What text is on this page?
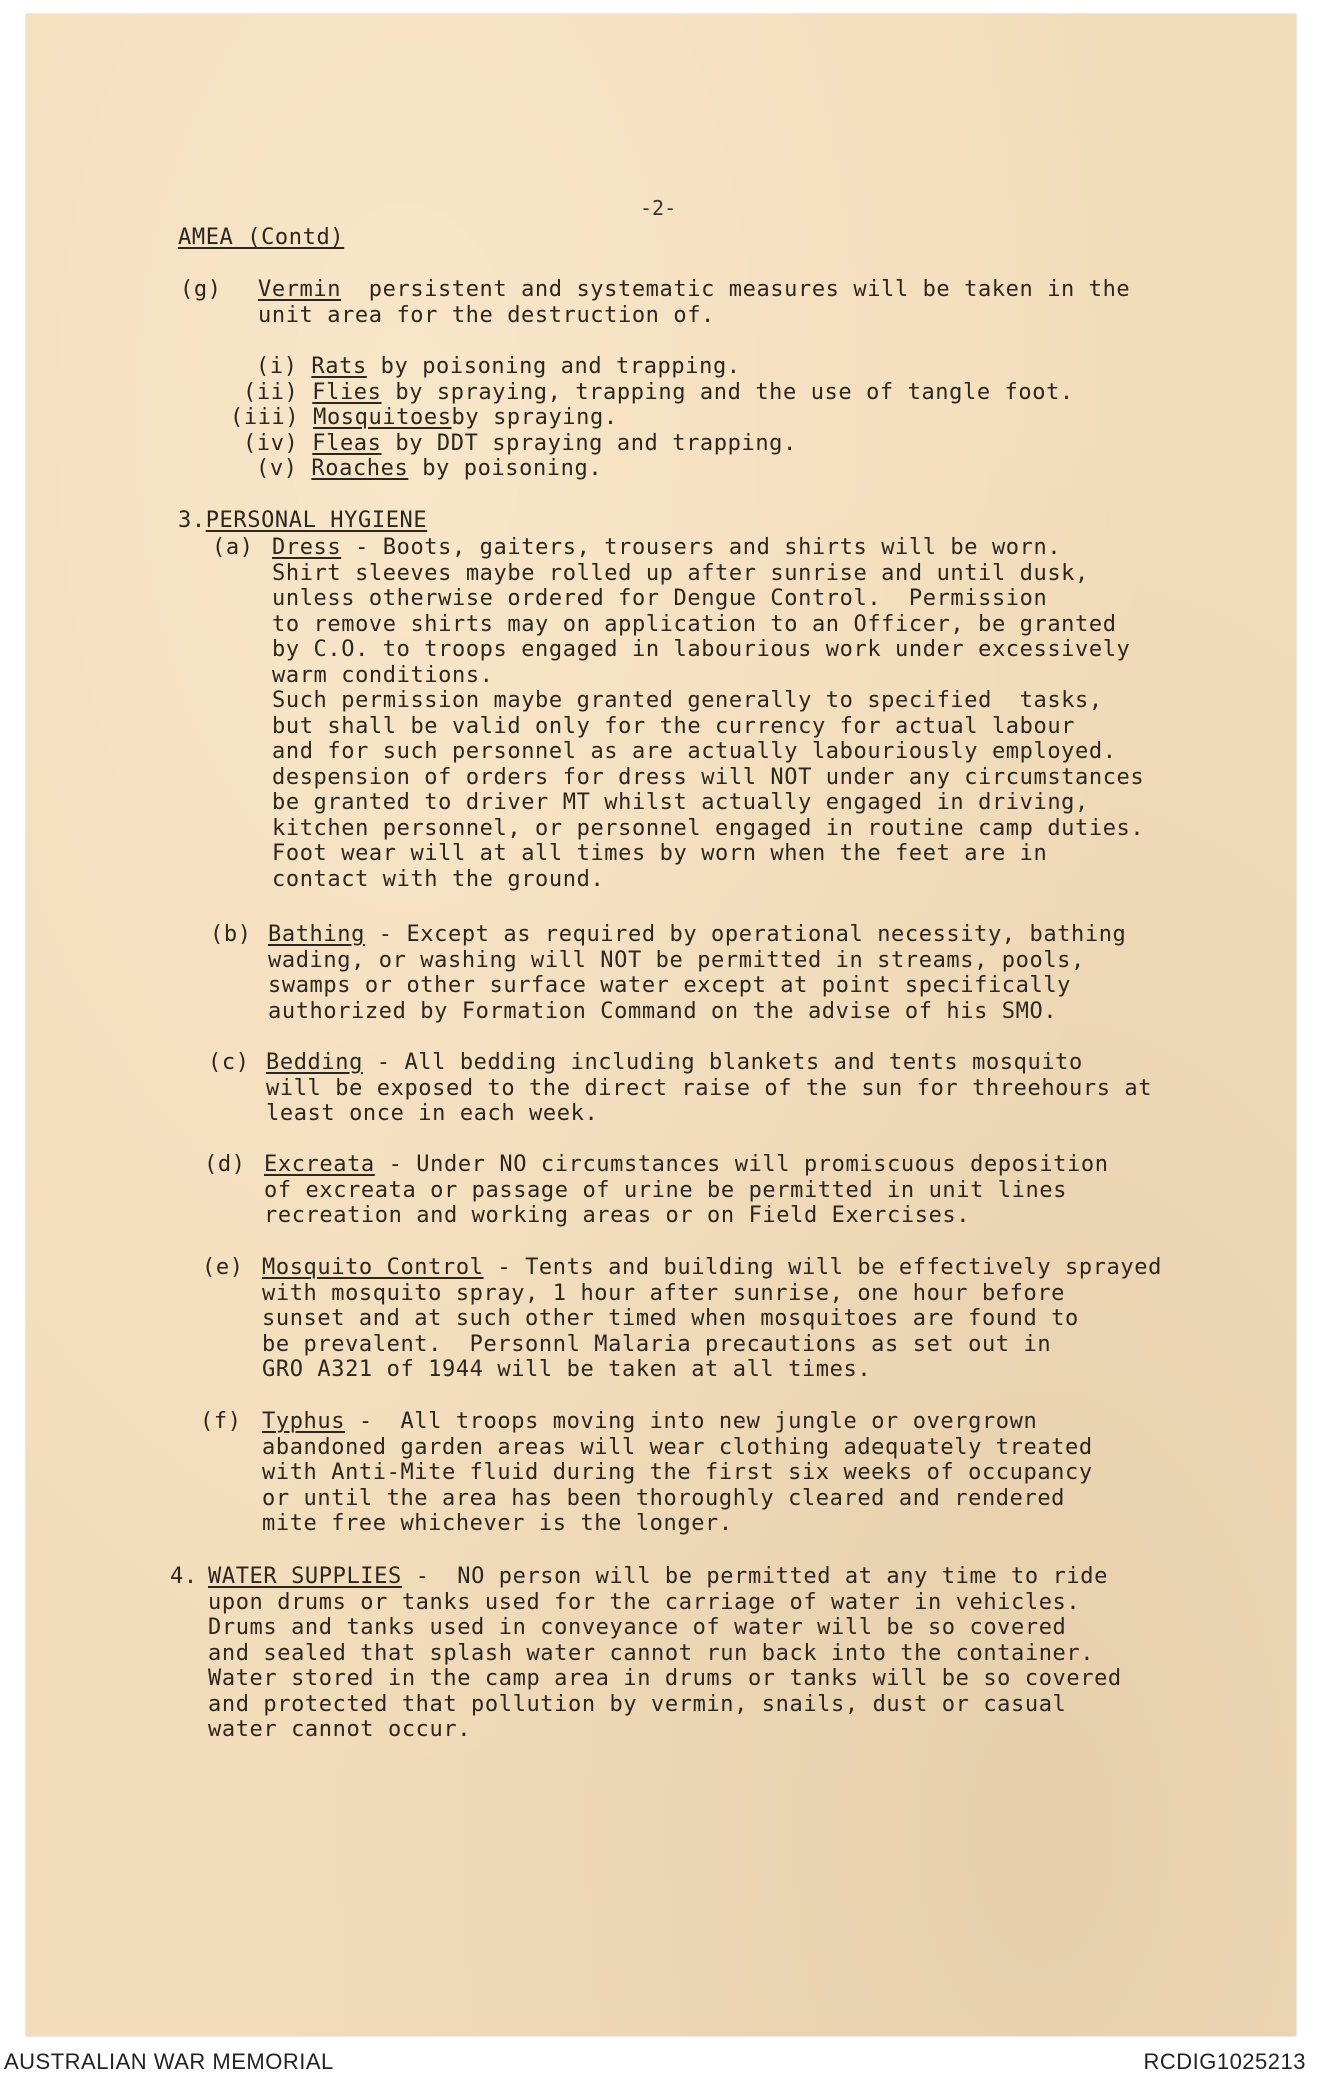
-2-
AMEA (Contd)
(g) Vermin persistent and systematic measures will be taken in the
unit area for the destruction of.
(i) Rats by poisoning and trapping.
(ii) Flies by spraying, trapping and the use of tangle foot.
(iii) Mosquitoesby spraying.
(iv) Fleas by DDT spraying and trapping.
(v) Roaches by poisoning.
3.PERSONAL HYGIENE
(a) Dress - Boots, gaiters, trousers and shirts will be worn.
Shirt sleeves maybe rolled up after sunrise and until dusk,
unless otherwise ordered for Dengue Control.  Permission
to remove shirts may on application to an Officer, be granted
by C.O. to troops engaged in labourious work under excessively
warm conditions.
Such permission maybe granted generally to specified  tasks,
but shall be valid only for the currency for actual labour
and for such personnel as are actually labouriously employed.
despension of orders for dress will NOT under any circumstances
be granted to driver MT whilst actually engaged in driving,
kitchen personnel, or personnel engaged in routine camp duties.
Foot wear will at all times by worn when the feet are in
contact with the ground.
(b) Bathing - Except as required by operational necessity, bathing
wading, or washing will NOT be permitted in streams, pools,
swamps or other surface water except at point specifically
authorized by Formation Command on the advise of his SMO.
(c) Bedding - All bedding including blankets and tents mosquito
will be exposed to the direct raise of the sun for threehours at
least once in each week.
(d) Excreata - Under NO circumstances will promiscuous deposition
of excreata or passage of urine be permitted in unit lines
recreation and working areas or on Field Exercises.
(e) Mosquito Control - Tents and building will be effectively sprayed
with mosquito spray, 1 hour after sunrise, one hour before
sunset and at such other timed when mosquitoes are found to
be prevalent.  Personnl Malaria precautions as set out in
GRO A321 of 1944 will be taken at all times.
(f) Typhus -  All troops moving into new jungle or overgrown
abandoned garden areas will wear clothing adequately treated
with Anti-Mite fluid during the first six weeks of occupancy
or until the area has been thoroughly cleared and rendered
mite free whichever is the longer.
4. WATER SUPPLIES -  NO person will be permitted at any time to ride
upon drums or tanks used for the carriage of water in vehicles.
Drums and tanks used in conveyance of water will be so covered
and sealed that splash water cannot run back into the container.
Water stored in the camp area in drums or tanks will be so covered
and protected that pollution by vermin, snails, dust or casual
water cannot occur.
AUSTRALIAN WAR MEMORIAL	RCDIG1025213
